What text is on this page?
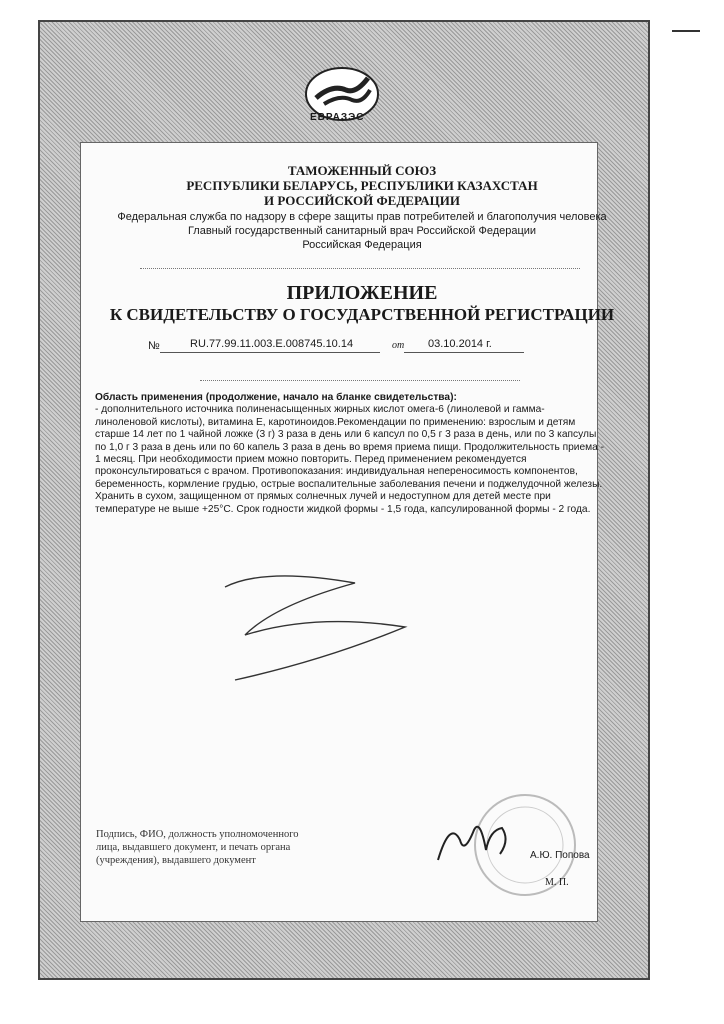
ЕВРАЗЭС
ТАМОЖЕННЫЙ СОЮЗ
РЕСПУБЛИКИ БЕЛАРУСЬ, РЕСПУБЛИКИ КАЗАХСТАН
И РОССИЙСКОЙ ФЕДЕРАЦИИ
Федеральная служба по надзору в сфере защиты прав потребителей и благополучия человека
Главный государственный санитарный врач Российской Федерации
Российская Федерация
ПРИЛОЖЕНИЕ
К СВИДЕТЕЛЬСТВУ О ГОСУДАРСТВЕННОЙ РЕГИСТРАЦИИ
№	RU.77.99.11.003.E.008745.10.14	от 03.10.2014 г.
Область применения (продолжение, начало на бланке свидетельства):
- дополнительного источника полиненасыщенных жирных кислот омега-6 (линолевой и гамма-линоленовой кислоты), витамина Е, каротиноидов.Рекомендации по применению: взрослым и детям старше 14 лет по 1 чайной ложке (3 г) 3 раза в день или 6 капсул по 0,5 г 3 раза в день, или по 3 капсулы по 1,0 г 3 раза в день или по 60 капель 3 раза в день во время приема пищи. Продолжительность приема - 1 месяц. При необходимости прием можно повторить. Перед применением рекомендуется проконсультироваться с врачом. Противопоказания: индивидуальная непереносимость компонентов, беременность, кормление грудью, острые воспалительные заболевания печени и поджелудочной железы. Хранить в сухом, защищенном от прямых солнечных лучей и недоступном для детей месте при температуре не выше +25°С. Срок годности жидкой формы - 1,5 года, капсулированной формы - 2 года.
Подпись, ФИО, должность уполномоченного
лица, выдавшего документ, и печать органа
(учреждения), выдавшего документ	А.Ю. Попова
М. П.
